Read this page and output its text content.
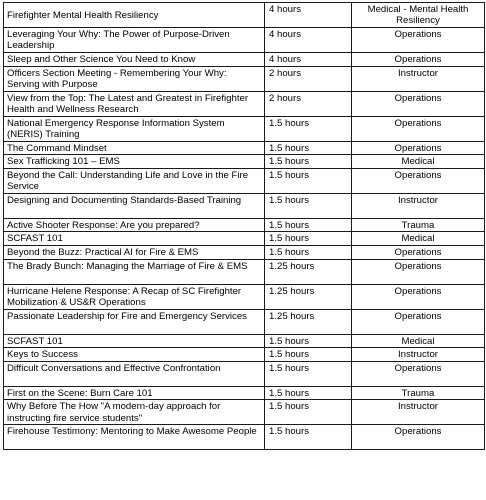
Firefighter Mental Health Resiliency	4 hours	Medical - Mental Health Resiliency
Leveraging Your Why: The Power of Purpose-Driven Leadership	4 hours	Operations
Sleep and Other Science You Need to Know	4 hours	Operations
Officers Section Meeting - Remembering Your Why: Serving with Purpose	2 hours	Instructor
View from the Top: The Latest and Greatest in Firefighter Health and Wellness Research	2 hours	Operations
National Emergency Response Information System (NERIS) Training	1.5 hours	Operations
The Command Mindset	1.5 hours	Operations
Sex Trafficking 101 – EMS	1.5 hours	Medical
Beyond the Call: Understanding Life and Love in the Fire Service	1.5 hours	Operations
Designing and Documenting Standards-Based Training	1.5 hours	Instructor
Active Shooter Response: Are you prepared?	1.5 hours	Trauma
SCFAST 101	1.5 hours	Medical
Beyond the Buzz: Practical AI for Fire & EMS	1.5 hours	Operations
The Brady Bunch: Managing the Marriage of Fire & EMS	1.25 hours	Operations
Hurricane Helene Response: A Recap of SC Firefighter Mobilization & US&R Operations	1.25 hours	Operations
Passionate Leadership for Fire and Emergency Services	1.25 hours	Operations
SCFAST 101	1.5 hours	Medical
Keys to Success	1.5 hours	Instructor
Difficult Conversations and Effective Confrontation	1.5 hours	Operations
First on the Scene: Burn Care 101	1.5 hours	Trauma
Why Before The How "A modern-day approach for instructing fire service students"	1.5 hours	Instructor
Firehouse Testimony: Mentoring to Make Awesome People	1.5 hours	Operations
